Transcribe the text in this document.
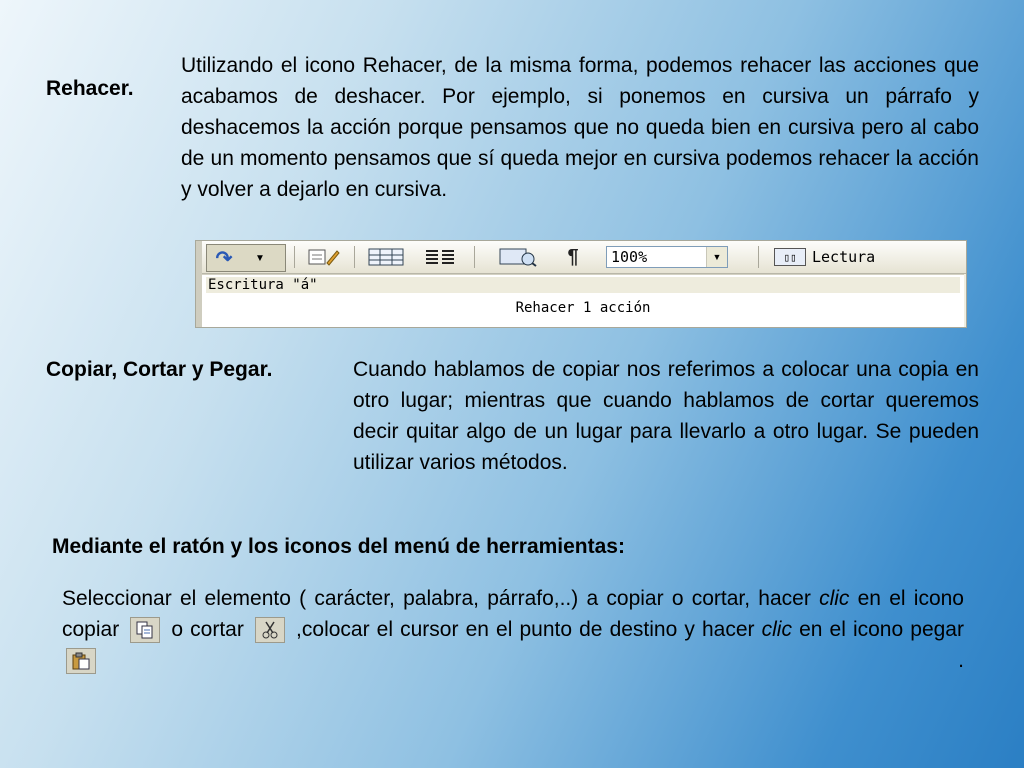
Rehacer.
Utilizando el icono Rehacer, de la misma forma, podemos rehacer las acciones que acabamos de deshacer. Por ejemplo, si ponemos en cursiva un párrafo y deshacemos la acción porque pensamos que no queda bien en cursiva pero al cabo de un momento pensamos que sí queda mejor en cursiva podemos rehacer la acción y volver a dejarlo en cursiva.
↷	▼	¶	100%	▼	▯▯	Lectura
Escritura "á"
Rehacer 1 acción
Copiar, Cortar y Pegar.	Cuando hablamos de copiar nos referimos a colocar una copia en otro lugar; mientras que cuando hablamos de cortar queremos decir quitar algo de un lugar para llevarlo a otro lugar. Se pueden utilizar varios métodos.
Mediante el ratón y los iconos del menú de herramientas:
Seleccionar el elemento ( carácter, palabra, párrafo,..) a copiar o cortar, hacer clic en el icono copiar
o cortar
,colocar el cursor en el punto de destino y hacer clic en el icono pegar
.
